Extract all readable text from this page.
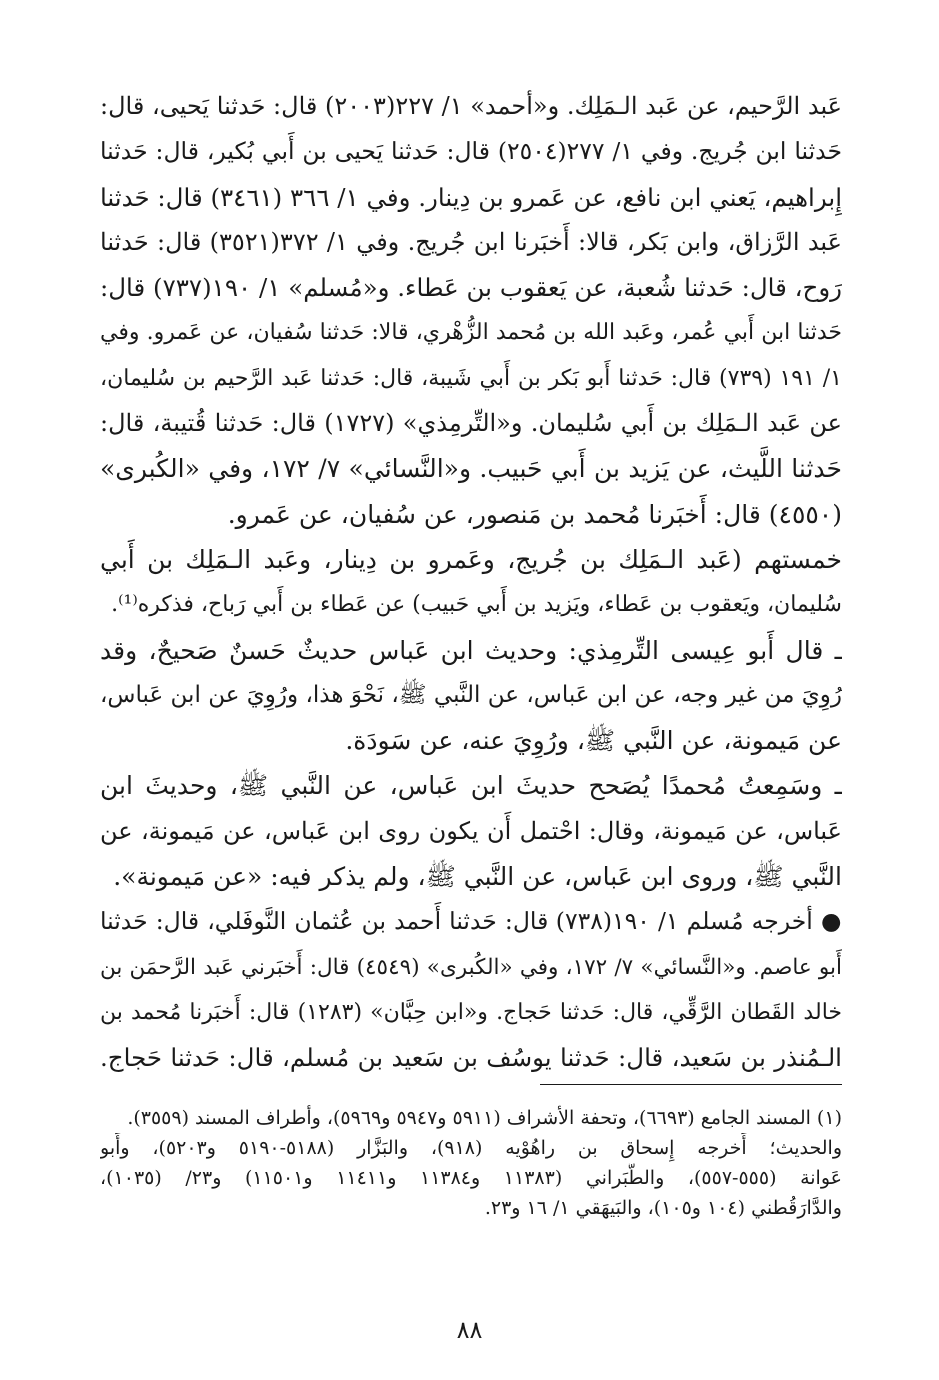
عَبد الرَّحيم، عن عَبد الـمَلِك. و«أحمد» ١/ ٢٢٧(٢٠٠٣) قال: حَدثنا يَحيى، قال:
حَدثنا ابن جُريج. وفي ١/ ٢٧٧(٢٥٠٤) قال: حَدثنا يَحيى بن أَبي بُكير، قال: حَدثنا
إِبراهيم، يَعني ابن نافع، عن عَمرو بن دِينار. وفي ١/ ٣٦٦ (٣٤٦١) قال: حَدثنا
عَبد الرَّزاق، وابن بَكر، قالا: أَخبَرنا ابن جُريج. وفي ١/ ٣٧٢(٣٥٢١) قال: حَدثنا
رَوح، قال: حَدثنا شُعبة، عن يَعقوب بن عَطاء. و«مُسلم» ١/ ١٩٠(٧٣٧) قال:
حَدثنا ابن أَبي عُمر، وعَبد الله بن مُحمد الزُّهْري، قالا: حَدثنا سُفيان، عن عَمرو. وفي
١/ ١٩١ (٧٣٩) قال: حَدثنا أَبو بَكر بن أَبي شَيبة، قال: حَدثنا عَبد الرَّحيم بن سُليمان،
عن عَبد الـمَلِك بن أَبي سُليمان. و«التِّرمِذي» (١٧٢٧) قال: حَدثنا قُتيبة، قال:
حَدثنا اللَّيث، عن يَزيد بن أَبي حَبيب. و«النَّسائي» ٧/ ١٧٢، وفي «الكُبرى»
(٤٥٥٠) قال: أَخبَرنا مُحمد بن مَنصور، عن سُفيان، عن عَمرو.
خمستهم (عَبد الـمَلِك بن جُريج، وعَمرو بن دِينار، وعَبد الـمَلِك بن أَبي
سُليمان، ويَعقوب بن عَطاء، ويَزيد بن أَبي حَبيب) عن عَطاء بن أَبي رَباح، فذكره⁽¹⁾.
ـ قال أَبو عِيسى التِّرمِذي: وحديث ابن عَباس حديثٌ حَسنٌ صَحيحٌ، وقد
رُوِيَ من غير وجه، عن ابن عَباس، عن النَّبي ﷺ، نَحْوَ هذا، ورُوِيَ عن ابن عَباس،
عن مَيمونة، عن النَّبي ﷺ، ورُوِيَ عنه، عن سَودَة.
ـ وسَمِعتُ مُحمدًا يُصَحح حديثَ ابن عَباس، عن النَّبي ﷺ، وحديثَ ابن
عَباس، عن مَيمونة، وقال: احْتمل أَن يكون روى ابن عَباس، عن مَيمونة، عن
النَّبي ﷺ، وروى ابن عَباس، عن النَّبي ﷺ، ولم يذكر فيه: «عن مَيمونة».
● أخرجه مُسلم ١/ ١٩٠(٧٣٨) قال: حَدثنا أَحمد بن عُثمان النَّوفَلي، قال: حَدثنا
أَبو عاصم. و«النَّسائي» ٧/ ١٧٢، وفي «الكُبرى» (٤٥٤٩) قال: أَخبَرني عَبد الرَّحمَن بن
خالد القَطان الرَّقِّي، قال: حَدثنا حَجاج. و«ابن حِبَّان» (١٢٨٣) قال: أَخبَرنا مُحمد بن
الـمُنذر بن سَعيد، قال: حَدثنا يوسُف بن سَعيد بن مُسلم، قال: حَدثنا حَجاج.
(١) المسند الجامع (٦٦٩٣)، وتحفة الأشراف (٥٩١١ و٥٩٤٧ و٥٩٦٩)، وأطراف المسند (٣٥٥٩).
والحديث؛ أَخرجه إِسحاق بن راهُوْيه (٩١٨)، والبَزَّار (٥١٨٨-٥١٩٠ و٥٢٠٣)، وأَبو
عَوانة (٥٥٥-٥٥٧)، والطَّبَراني (١١٣٨٣ و١١٣٨٤ و١١٤١١ و١١٥٠١) و٢٣/ (١٠٣٥)،
والدَّارَقُطني (١٠٤ و١٠٥)، والبَيهَقي ١/ ١٦ و٢٣.
٨٨
